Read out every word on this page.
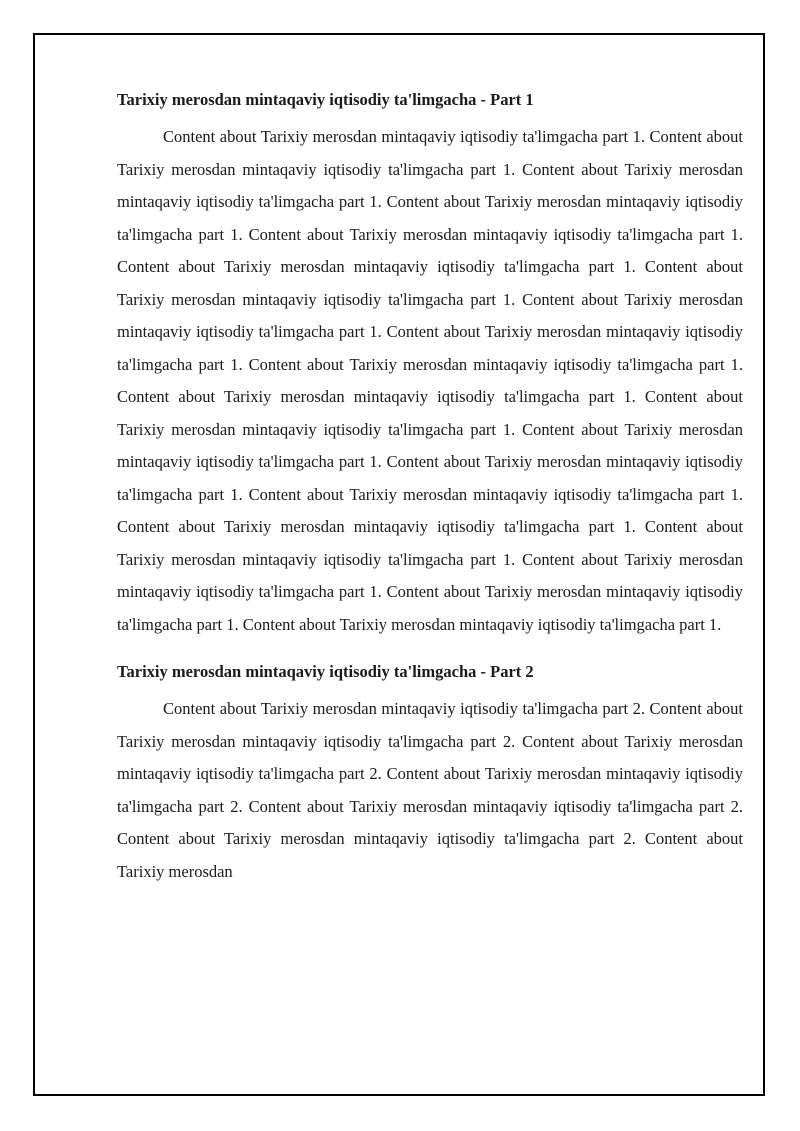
Tarixiy merosdan mintaqaviy iqtisodiy ta'limgacha - Part 1

Content about Tarixiy merosdan mintaqaviy iqtisodiy ta'limgacha part 1. Content about Tarixiy merosdan mintaqaviy iqtisodiy ta'limgacha part 1. Content about Tarixiy merosdan mintaqaviy iqtisodiy ta'limgacha part 1. Content about Tarixiy merosdan mintaqaviy iqtisodiy ta'limgacha part 1. Content about Tarixiy merosdan mintaqaviy iqtisodiy ta'limgacha part 1. Content about Tarixiy merosdan mintaqaviy iqtisodiy ta'limgacha part 1. Content about Tarixiy merosdan mintaqaviy iqtisodiy ta'limgacha part 1. Content about Tarixiy merosdan mintaqaviy iqtisodiy ta'limgacha part 1. Content about Tarixiy merosdan mintaqaviy iqtisodiy ta'limgacha part 1. Content about Tarixiy merosdan mintaqaviy iqtisodiy ta'limgacha part 1. Content about Tarixiy merosdan mintaqaviy iqtisodiy ta'limgacha part 1. Content about Tarixiy merosdan mintaqaviy iqtisodiy ta'limgacha part 1. Content about Tarixiy merosdan mintaqaviy iqtisodiy ta'limgacha part 1. Content about Tarixiy merosdan mintaqaviy iqtisodiy ta'limgacha part 1. Content about Tarixiy merosdan mintaqaviy iqtisodiy ta'limgacha part 1. Content about Tarixiy merosdan mintaqaviy iqtisodiy ta'limgacha part 1. Content about Tarixiy merosdan mintaqaviy iqtisodiy ta'limgacha part 1. Content about Tarixiy merosdan mintaqaviy iqtisodiy ta'limgacha part 1. Content about Tarixiy merosdan mintaqaviy iqtisodiy ta'limgacha part 1. Content about Tarixiy merosdan mintaqaviy iqtisodiy ta'limgacha part 1.

Tarixiy merosdan mintaqaviy iqtisodiy ta'limgacha - Part 2

Content about Tarixiy merosdan mintaqaviy iqtisodiy ta'limgacha part 2. Content about Tarixiy merosdan mintaqaviy iqtisodiy ta'limgacha part 2. Content about Tarixiy merosdan mintaqaviy iqtisodiy ta'limgacha part 2. Content about Tarixiy merosdan mintaqaviy iqtisodiy ta'limgacha part 2. Content about Tarixiy merosdan mintaqaviy iqtisodiy ta'limgacha part 2. Content about Tarixiy merosdan mintaqaviy iqtisodiy ta'limgacha part 2. Content about Tarixiy merosdan
